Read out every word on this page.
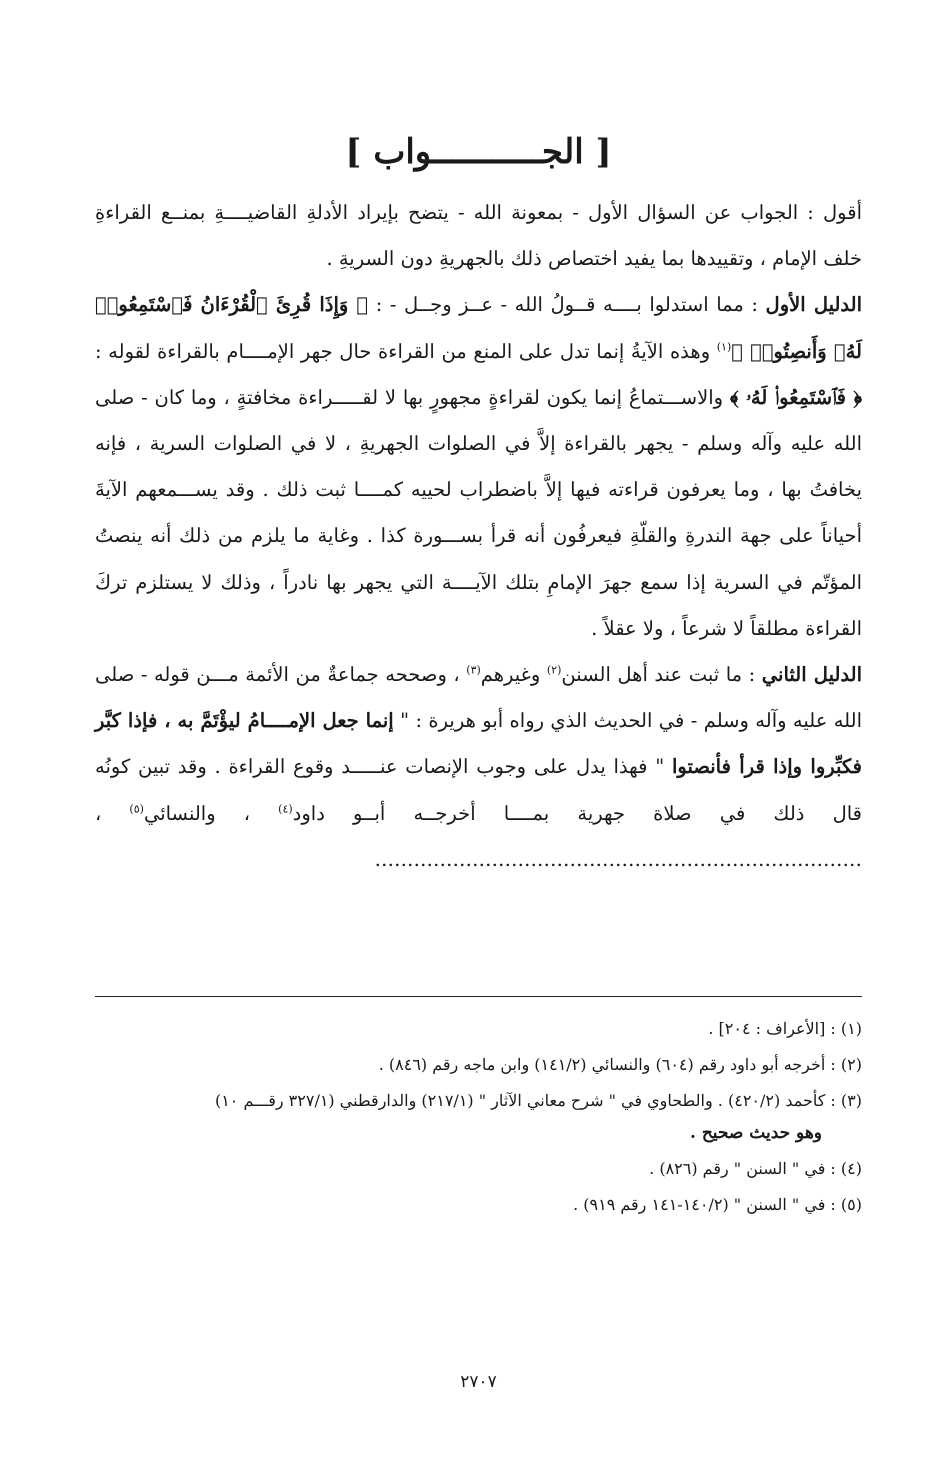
[ الجـــــــــــواب ]

أقول : الجواب عن السؤال الأول - بمعونة الله - يتضح بإيراد الأدلةِ القاضيــــةِ بمنــع القراءةِ خلف الإمام ، وتقييدها بما يفيد اختصاص ذلك بالجهريةِ دون السريةِ .

الدليل الأول : مما استدلوا بــــه قــولُ الله - عــز وجــل - : ﴿ وَإِذَا قُرِئَ ٱلْقُرْءَانُ فَٱسْتَمِعُوا۟ لَهُۥ وَأَنصِتُوا۟ ﴾$^{(١)}$ وهذه الآيةُ إنما تدل على المنع من القراءة حال جهر الإمــــام بالقراءة لقوله : ﴿ فَٱسْتَمِعُوا۟ لَهُۥ ﴾ والاســـتماعُ إنما يكون لقراءةٍ مجهورٍ بها لا لقـــــراءة مخافتةٍ ، وما كان - صلى الله عليه وآله وسلم - يجهر بالقراءة إلاَّ في الصلوات الجهريةِ ، لا في الصلوات السرية ، فإنه يخافتُ بها ، وما يعرفون قراءته فيها إلاَّ باضطراب لحييه كمــــا ثبت ذلك . وقد يســـمعهم الآيةَ أحياناً على جهة الندرةِ والقلّةِ فيعرفُون أنه قرأ بســـورة كذا . وغاية ما يلزم من ذلك أنه ينصتُ المؤتّم في السرية إذا سمع جهرَ الإمامِ بتلك الآيــــة التي يجهر بها نادراً ، وذلك لا يستلزم تركَ القراءة مطلقاً لا شرعاً ، ولا عقلاً .

الدليل الثاني : ما ثبت عند أهل السنن$^{(٢)}$ وغيرهم$^{(٣)}$ ، وصححه جماعةٌ من الأئمة مـــن قوله - صلى الله عليه وآله وسلم - في الحديث الذي رواه أبو هريرة : " إنما جعل الإمــــامُ ليؤْتَمَّ به ، فإذا كبَّر فكبِّروا وإذا قرأ فأنصتوا " فهذا يدل على وجوب الإنصات عنـــــد وقوع القراءة . وقد تبين كونُه قال ذلك في صلاة جهرية بمــــا أخرجــه أبــو داود$^{(٤)}$ ، والنسائي$^{(٥)}$ ، …………………………………………………………………

(١) : [الأعراف : ٢٠٤] .

(٢) : أخرجه أبو داود رقم (٦٠٤) والنسائي (١٤١/٢) وابن ماجه رقم (٨٤٦) .

(٣) : كأحمد (٤٢٠/٢) . والطحاوي في " شرح معاني الآثار " (٢١٧/١) والدارقطني (٣٢٧/١ رقـــم ١٠)

وهو حديث صحيح .

(٤) : في " السنن " رقم (٨٢٦) .

(٥) : في " السنن " (١٤٠/٢-١٤١ رقم ٩١٩) .

٢٧٠٧
